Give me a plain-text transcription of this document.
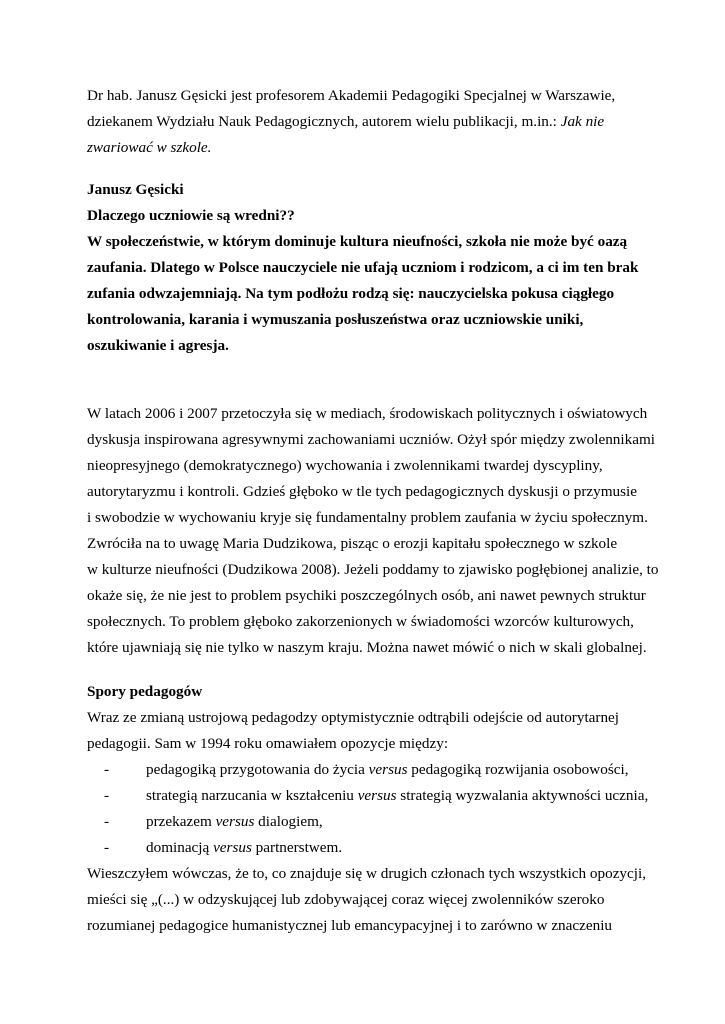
Dr hab. Janusz Gęsicki jest profesorem Akademii Pedagogiki Specjalnej w Warszawie,

dziekanem Wydziału Nauk Pedagogicznych, autorem wielu publikacji, m.in.: Jak nie

zwariować w szkole.

Janusz Gęsicki

Dlaczego uczniowie są wredni??

W społeczeństwie, w którym dominuje kultura nieufności, szkoła nie może być oazą

zaufania. Dlatego w Polsce nauczyciele nie ufają uczniom i rodzicom, a ci im ten brak

zufania odwzajemniają. Na tym podłożu rodzą się: nauczycielska pokusa ciągłego

kontrolowania, karania i wymuszania posłuszeństwa oraz uczniowskie uniki,

oszukiwanie i agresja.

W latach 2006 i 2007 przetoczyła się w mediach, środowiskach politycznych i oświatowych

dyskusja inspirowana agresywnymi zachowaniami uczniów. Ożył spór między zwolennikami

nieopresyjnego (demokratycznego) wychowania i zwolennikami twardej dyscypliny,

autorytaryzmu i kontroli. Gdzieś głęboko w tle tych pedagogicznych dyskusji o przymusie

i swobodzie w wychowaniu kryje się fundamentalny problem zaufania w życiu społecznym.

Zwróciła na to uwagę Maria Dudzikowa, pisząc o erozji kapitału społecznego w szkole

w kulturze nieufności (Dudzikowa 2008). Jeżeli poddamy to zjawisko pogłębionej analizie, to

okaże się, że nie jest to problem psychiki poszczególnych osób, ani nawet pewnych struktur

społecznych. To problem głęboko zakorzenionych w świadomości wzorców kulturowych,

które ujawniają się nie tylko w naszym kraju. Można nawet mówić o nich w skali globalnej.

Spory pedagogów

Wraz ze zmianą ustrojową pedagodzy optymistycznie odtrąbili odejście od autorytarnej

pedagogii. Sam w 1994 roku omawiałem opozycje między:

- pedagogiką przygotowania do życia versus pedagogiką rozwijania osobowości,

- strategią narzucania w kształceniu versus strategią wyzwalania aktywności ucznia,

- przekazem versus dialogiem,

- dominacją versus partnerstwem.

Wieszczyłem wówczas, że to, co znajduje się w drugich członach tych wszystkich opozycji,

mieści się „(...) w odzyskującej lub zdobywającej coraz więcej zwolenników szeroko

rozumianej pedagogice humanistycznej lub emancypacyjnej i to zarówno w znaczeniu
